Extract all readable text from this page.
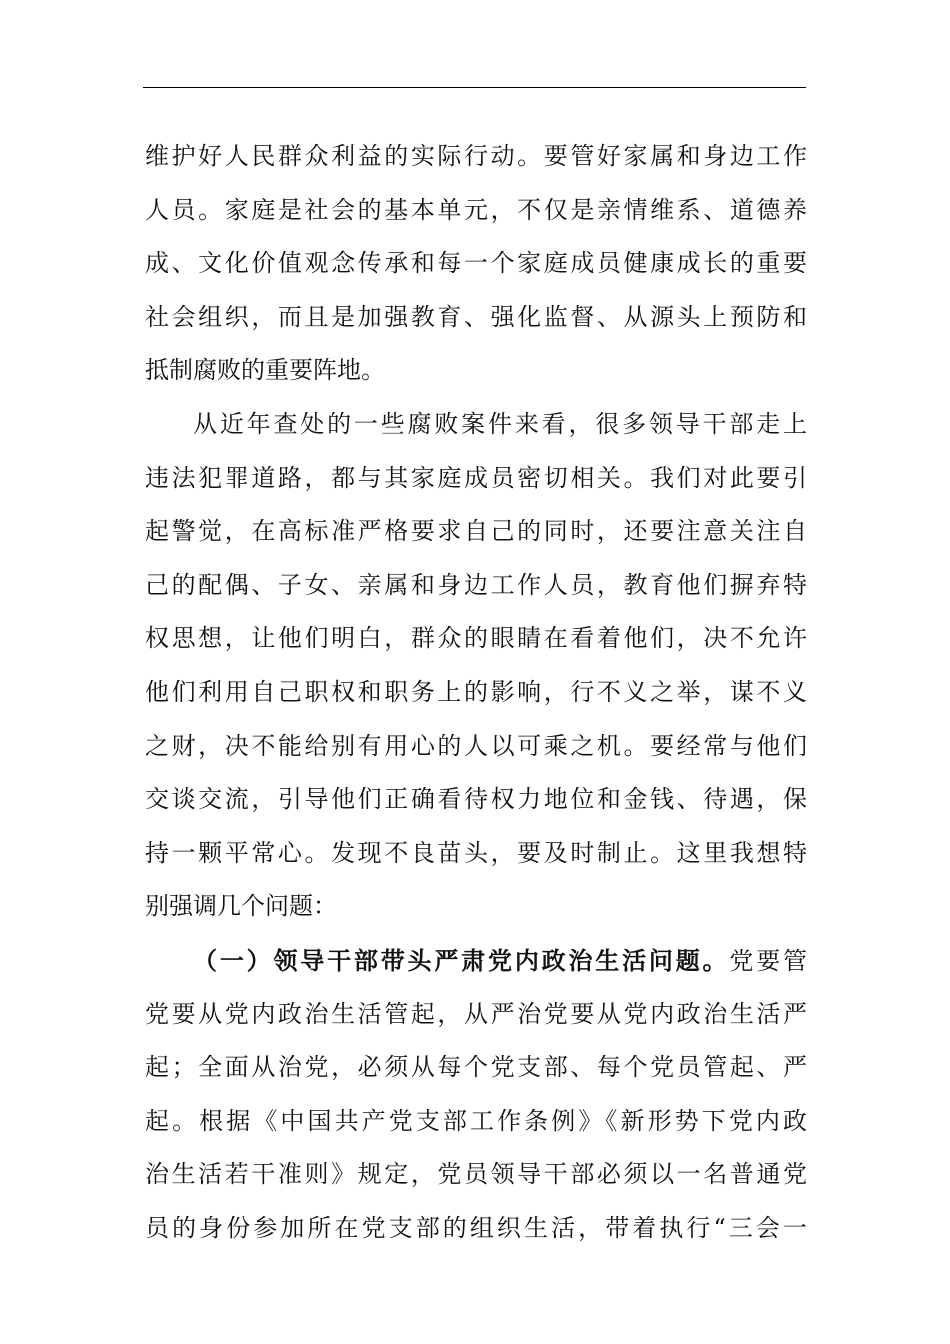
维护好人民群众利益的实际行动。要管好家属和身边工作
人员。家庭是社会的基本单元，不仅是亲情维系、道德养
成、文化价值观念传承和每一个家庭成员健康成长的重要
社会组织，而且是加强教育、强化监督、从源头上预防和
抵制腐败的重要阵地。
从近年查处的一些腐败案件来看，很多领导干部走上
违法犯罪道路，都与其家庭成员密切相关。我们对此要引
起警觉，在高标准严格要求自己的同时，还要注意关注自
己的配偶、子女、亲属和身边工作人员，教育他们摒弃特
权思想，让他们明白，群众的眼睛在看着他们，决不允许
他们利用自己职权和职务上的影响，行不义之举，谋不义
之财，决不能给别有用心的人以可乘之机。要经常与他们
交谈交流，引导他们正确看待权力地位和金钱、待遇，保
持一颗平常心。发现不良苗头，要及时制止。这里我想特
别强调几个问题：
（一）领导干部带头严肃党内政治生活问题。党要管
党要从党内政治生活管起，从严治党要从党内政治生活严
起；全面从治党，必须从每个党支部、每个党员管起、严
起。根据《中国共产党支部工作条例》《新形势下党内政
治生活若干准则》规定，党员领导干部必须以一名普通党
员的身份参加所在党支部的组织生活，带着执行“三会一
